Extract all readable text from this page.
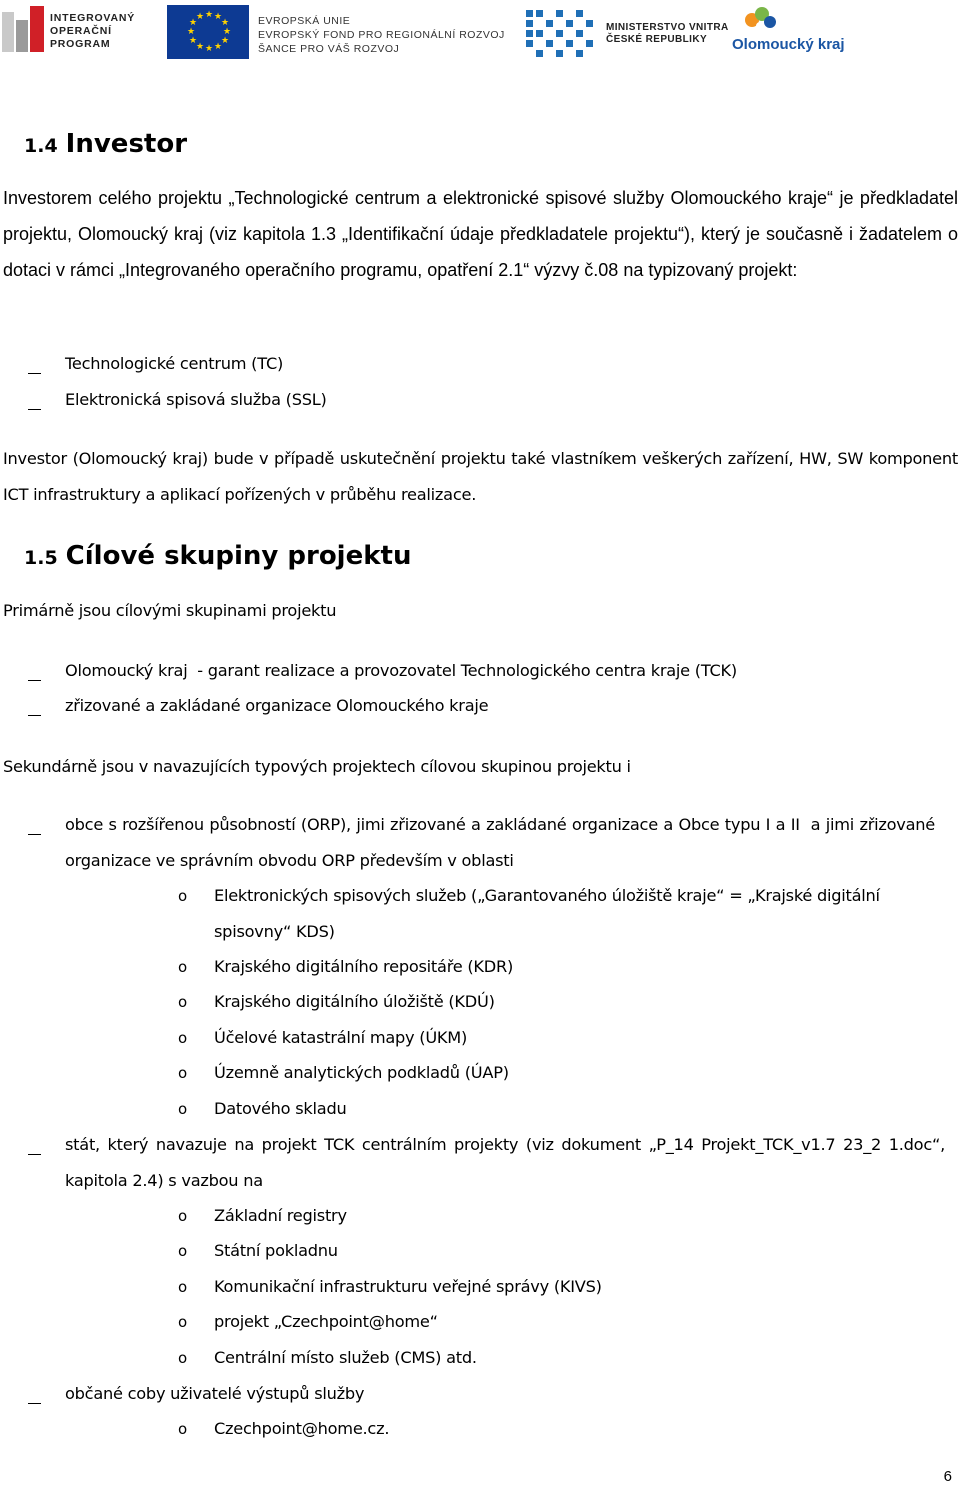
INTEGROVANÝ
OPERAČNÍ
PROGRAM
★ ★
★
★
★
★
★
★
★
★
★
★	EVROPSKÁ UNIE
EVROPSKÝ FOND PRO REGIONÁLNÍ ROZVOJ
ŠANCE PRO VÁŠ ROZVOJ
MINISTERSTVO VNITRA
ČESKÉ REPUBLIKY	Olomoucký kraj
1.4 Investor

Investorem celého projektu „Technologické centrum a elektronické spisové služby Olomouckého kraje“ je předkladatel projektu, Olomoucký kraj (viz kapitola 1.3 „Identifikační údaje předkladatele projektu“), který je současně i žadatelem o dotaci v rámci „Integrovaného operačního programu, opatření 2.1“ výzvy č.08 na typizovaný projekt:

Technologické centrum (TC)

Elektronická spisová služba (SSL)

Investor (Olomoucký kraj) bude v případě uskutečnění projektu také vlastníkem veškerých zařízení, HW, SW komponent ICT infrastruktury a aplikací pořízených v průběhu realizace.

1.5 Cílové skupiny projektu

Primárně jsou cílovými skupinami projektu

Olomoucký kraj  - garant realizace a provozovatel Technologického centra kraje (TCK)

zřizované a zakládané organizace Olomouckého kraje

Sekundárně jsou v navazujících typových projektech cílovou skupinou projektu i

obce s rozšířenou působností (ORP), jimi zřizované a zakládané organizace a Obce typu I a II  a jimi zřizované organizace ve správním obvodu ORP především v oblasti

o Elektronických spisových služeb („Garantovaného úložiště kraje“ = „Krajské digitální spisovny“ KDS)

o Krajského digitálního repositáře (KDR)

o Krajského digitálního úložiště (KDÚ)

o Účelové katastrální mapy (ÚKM)

o Územně analytických podkladů (ÚAP)

o Datového skladu

stát, který navazuje na projekt TCK centrálním projekty (viz dokument „P_14 Projekt_TCK_v1.7 23_2 1.doc“, kapitola 2.4) s vazbou na

o Základní registry

o Státní pokladnu

o Komunikační infrastrukturu veřejné správy (KIVS)

o projekt „Czechpoint@home“

o Centrální místo služeb (CMS) atd.

občané coby uživatelé výstupů služby

o Czechpoint@home.cz.

6
